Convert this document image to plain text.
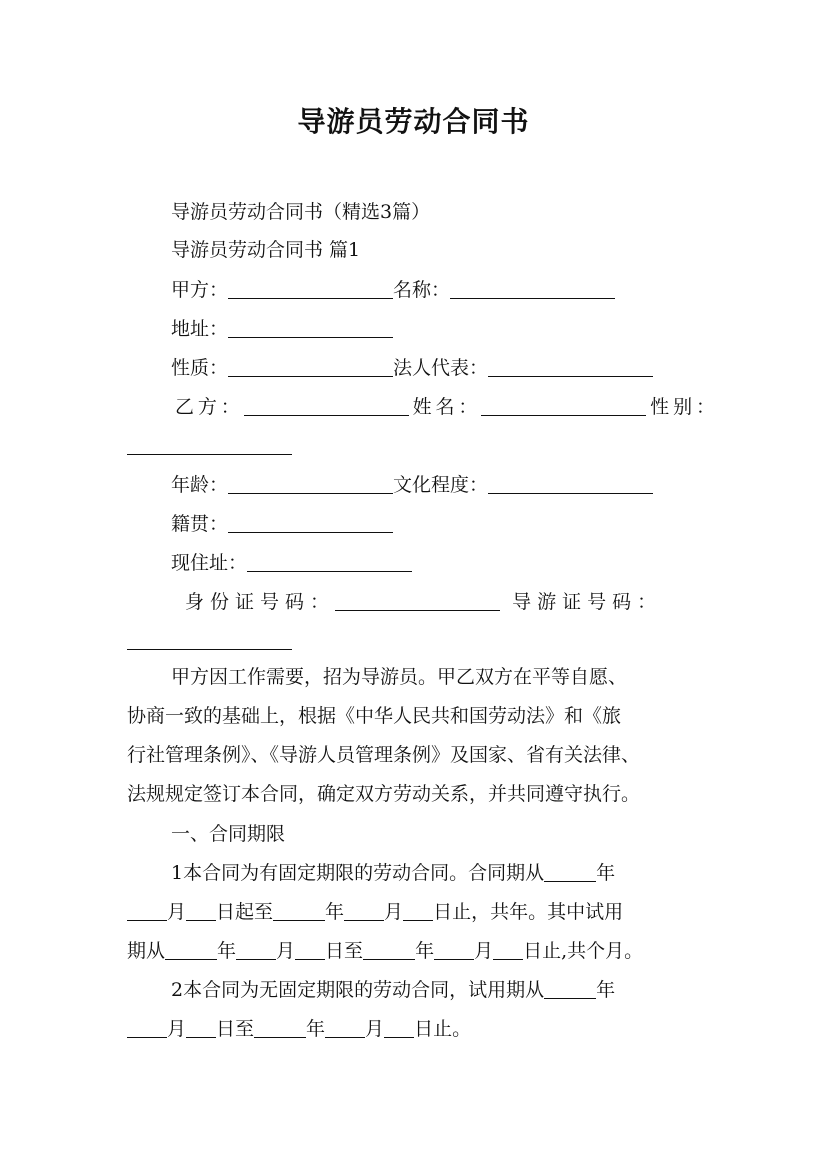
导游员劳动合同书
导游员劳动合同书（精选3篇）
导游员劳动合同书 篇1
甲方：	名称：
地址：
性质：	法人代表：
乙方：	姓名：	性别：
年龄：	文化程度：
籍贯：
现住址：
身份证号码：	导游证号码：
甲方因工作需要，招为导游员。甲乙双方在平等自愿、
协商一致的基础上，根据《中华人民共和国劳动法》和《旅
行社管理条例》、《导游人员管理条例》及国家、省有关法律、
法规规定签订本合同，确定双方劳动关系，并共同遵守执行。
一、合同期限
1本合同为有固定期限的劳动合同。合同期从	年
月 日起至	年 月 日止，共年。其中试用
期从	年 月 日至	年 月 日止,共个月。
2本合同为无固定期限的劳动合同，试用期从	年
月 日至	年 月 日止。
